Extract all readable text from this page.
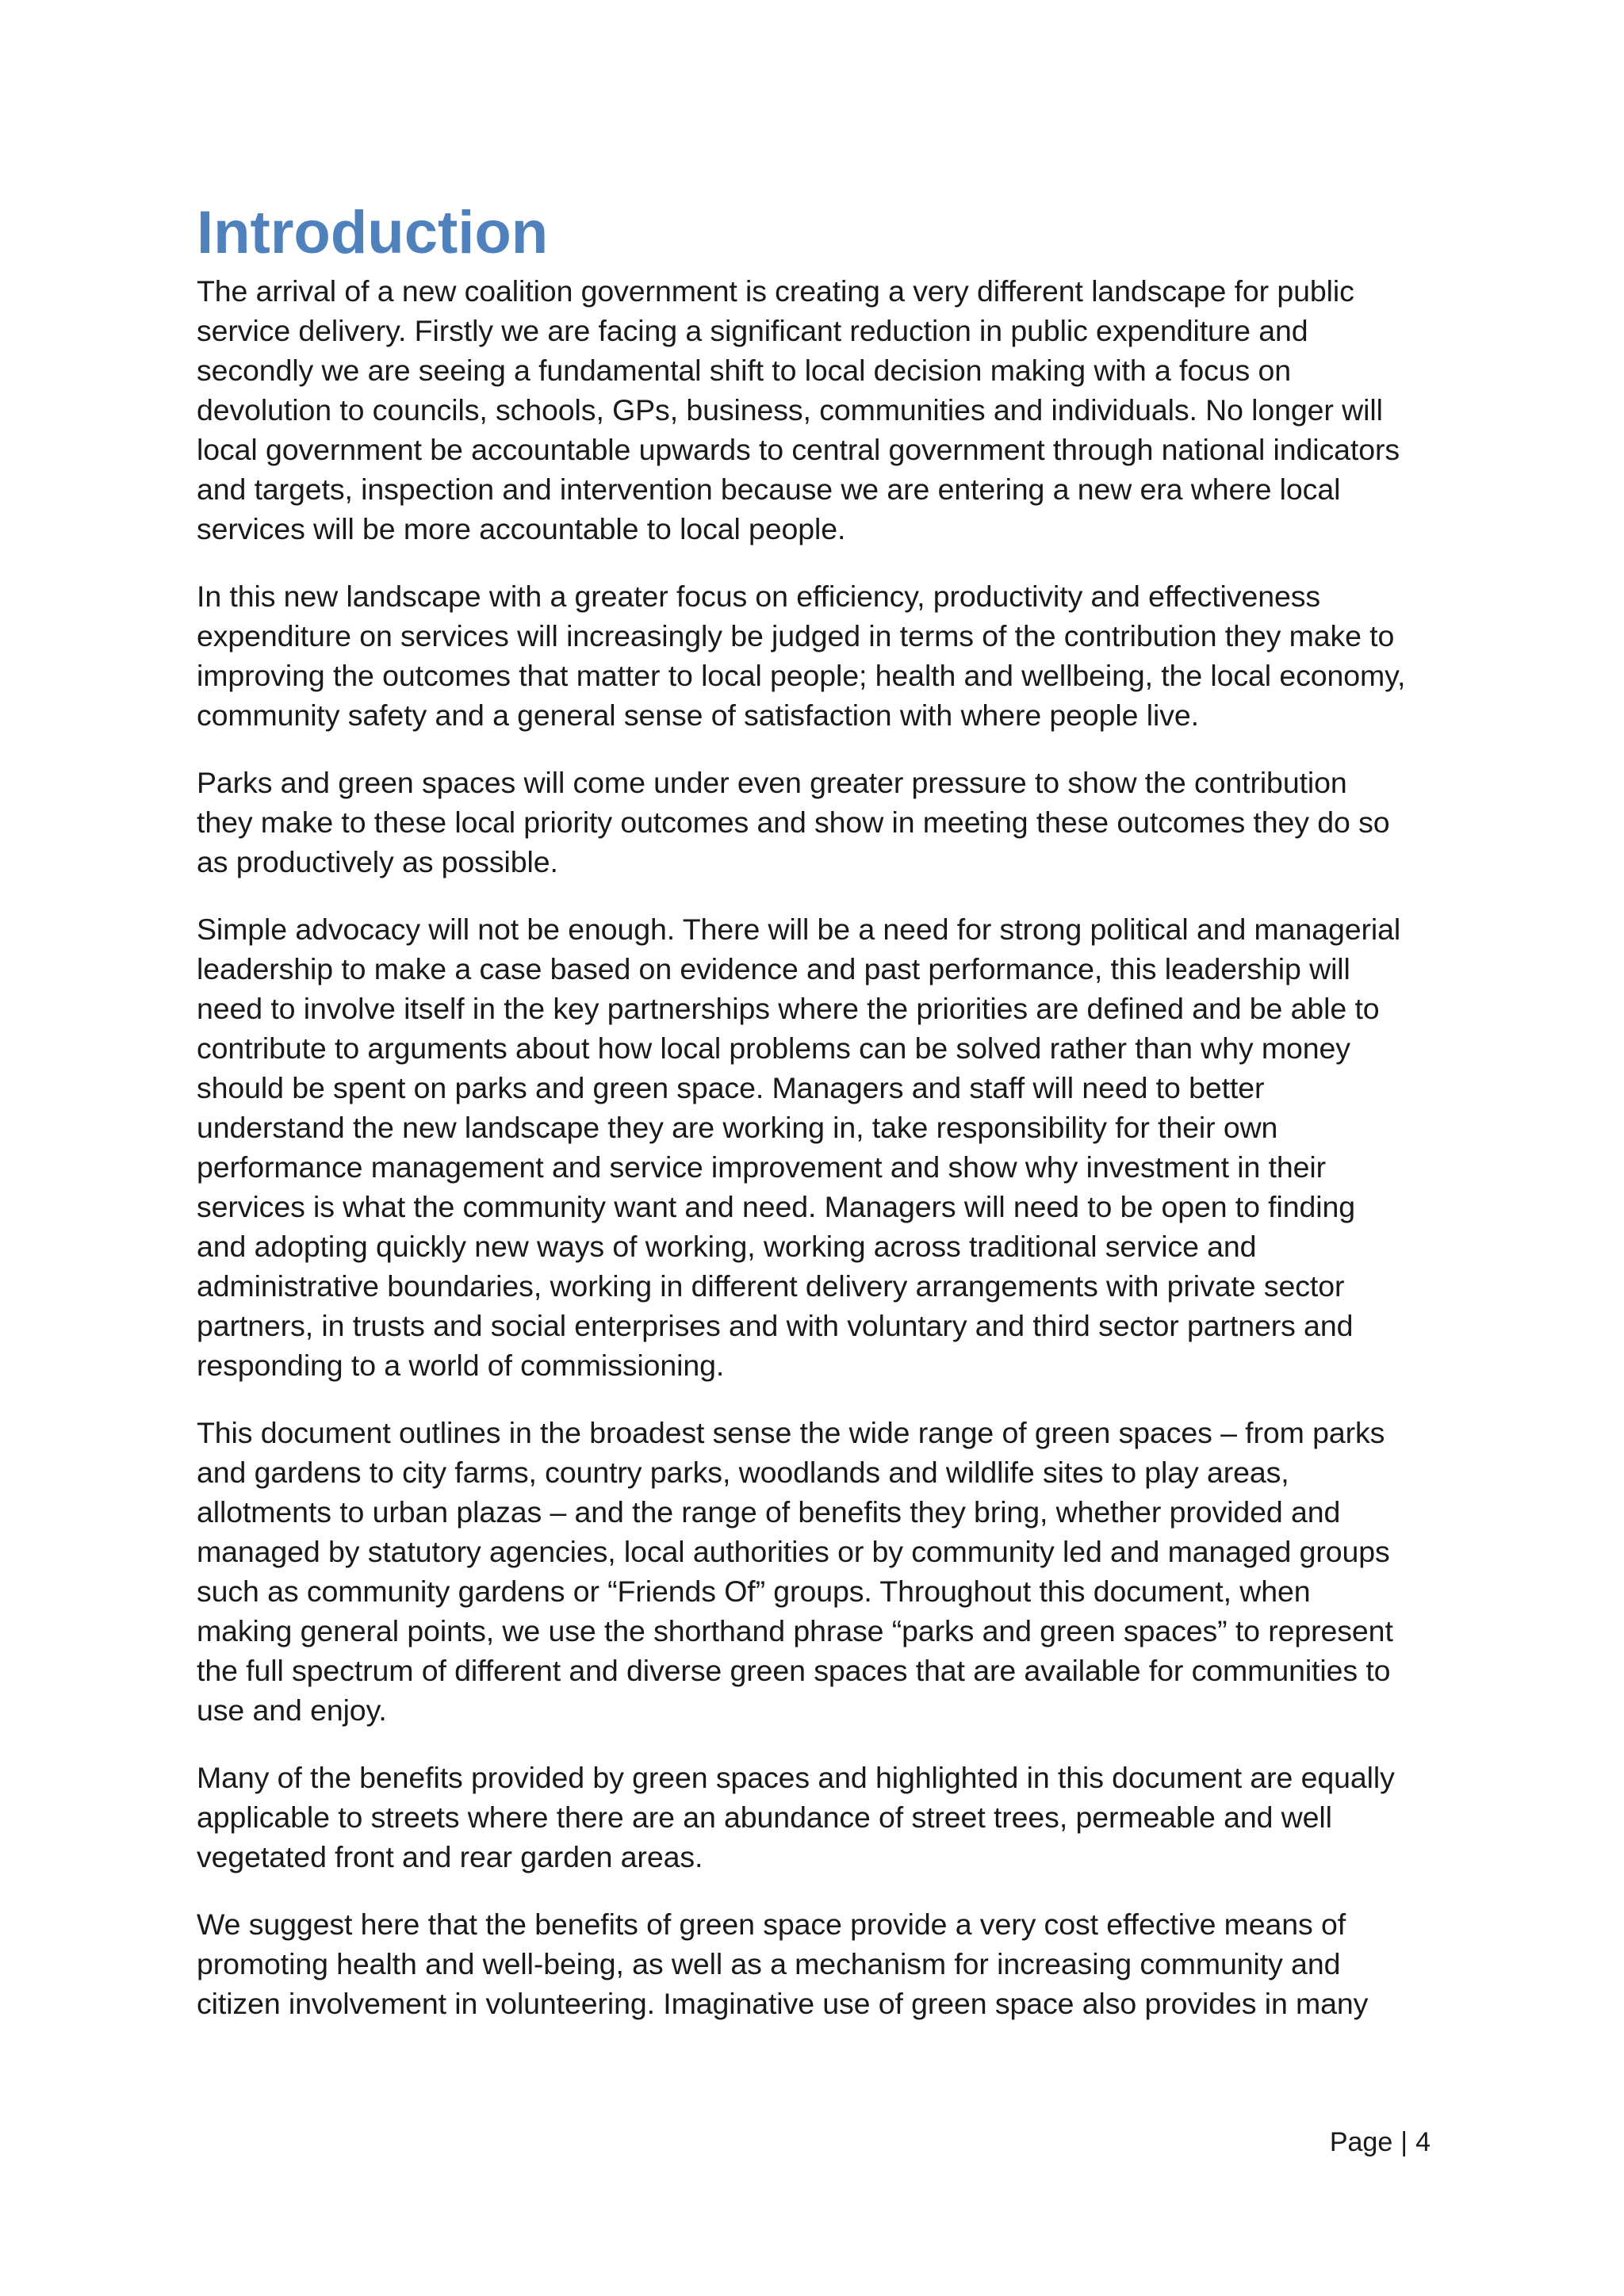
Introduction

The arrival of a new coalition government is creating a very different landscape for public
service delivery. Firstly we are facing a significant reduction in public expenditure and
secondly we are seeing a fundamental shift to local decision making with a focus on
devolution to councils, schools, GPs, business, communities and individuals. No longer will
local government be accountable upwards to central government through national indicators
and targets, inspection and intervention because we are entering a new era where local
services will be more accountable to local people.

In this new landscape with a greater focus on efficiency, productivity and effectiveness
expenditure on services will increasingly be judged in terms of the contribution they make to
improving the outcomes that matter to local people; health and wellbeing, the local economy,
community safety and a general sense of satisfaction with where people live.

Parks and green spaces will come under even greater pressure to show the contribution
they make to these local priority outcomes and show in meeting these outcomes they do so
as productively as possible.

Simple advocacy will not be enough. There will be a need for strong political and managerial
leadership to make a case based on evidence and past performance, this leadership will
need to involve itself in the key partnerships where the priorities are defined and be able to
contribute to arguments about how local problems can be solved rather than why money
should be spent on parks and green space. Managers and staff will need to better
understand the new landscape they are working in, take responsibility for their own
performance management and service improvement and show why investment in their
services is what the community want and need. Managers will need to be open to finding
and adopting quickly new ways of working, working across traditional service and
administrative boundaries, working in different delivery arrangements with private sector
partners, in trusts and social enterprises and with voluntary and third sector partners and
responding to a world of commissioning.

This document outlines in the broadest sense the wide range of green spaces – from parks
and gardens to city farms, country parks, woodlands and wildlife sites to play areas,
allotments to urban plazas – and the range of benefits they bring, whether provided and
managed by statutory agencies, local authorities or by community led and managed groups
such as community gardens or “Friends Of” groups. Throughout this document, when
making general points, we use the shorthand phrase “parks and green spaces” to represent
the full spectrum of different and diverse green spaces that are available for communities to
use and enjoy.

Many of the benefits provided by green spaces and highlighted in this document are equally
applicable to streets where there are an abundance of street trees, permeable and well
vegetated front and rear garden areas.

We suggest here that the benefits of green space provide a very cost effective means of
promoting health and well-being, as well as a mechanism for increasing community and
citizen involvement in volunteering. Imaginative use of green space also provides in many

Page | 4
